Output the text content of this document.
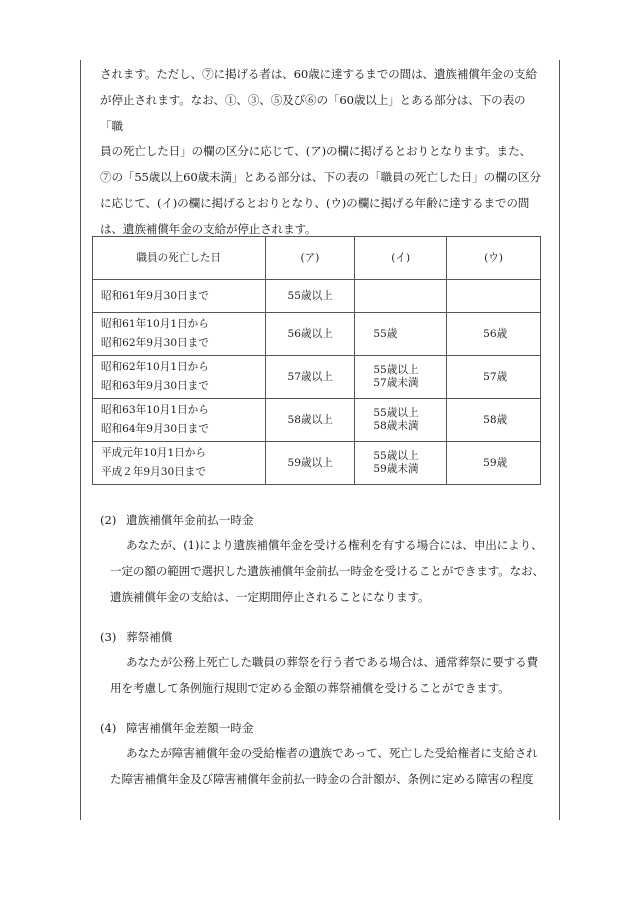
されます。ただし、⑦に掲げる者は、60歳に達するまでの間は、遺族補償年金の支給

が停止されます。なお、①、③、⑤及び⑥の「60歳以上」とある部分は、下の表の「職

員の死亡した日」の欄の区分に応じて、(ア)の欄に掲げるとおりとなります。また、

⑦の「55歳以上60歳未満」とある部分は、下の表の「職員の死亡した日」の欄の区分

に応じて、(イ)の欄に掲げるとおりとなり、(ウ)の欄に掲げる年齢に達するまでの間

は、遺族補償年金の支給が停止されます。

職員の死亡した日	(ア)	(イ)	(ウ)
昭和61年9月30日まで	55歳以上		
昭和61年10月1日から
昭和62年9月30日まで	56歳以上	55歳	56歳
昭和62年10月1日から
昭和63年9月30日まで	57歳以上	55歳以上
57歳未満	57歳
昭和63年10月1日から
昭和64年9月30日まで	58歳以上	55歳以上
58歳未満	58歳
平成元年10月1日から
平成２年9月30日まで	59歳以上	55歳以上
59歳未満	59歳
(2) 遺族補償年金前払一時金

あなたが、(1)により遺族補償年金を受ける権利を有する場合には、申出により、

一定の額の範囲で選択した遺族補償年金前払一時金を受けることができます。なお、

遺族補償年金の支給は、一定期間停止されることになります。

(3) 葬祭補償

あなたが公務上死亡した職員の葬祭を行う者である場合は、通常葬祭に要する費

用を考慮して条例施行規則で定める金額の葬祭補償を受けることができます。

(4) 障害補償年金差額一時金

あなたが障害補償年金の受給権者の遺族であって、死亡した受給権者に支給され

た障害補償年金及び障害補償年金前払一時金の合計額が、条例に定める障害の程度
